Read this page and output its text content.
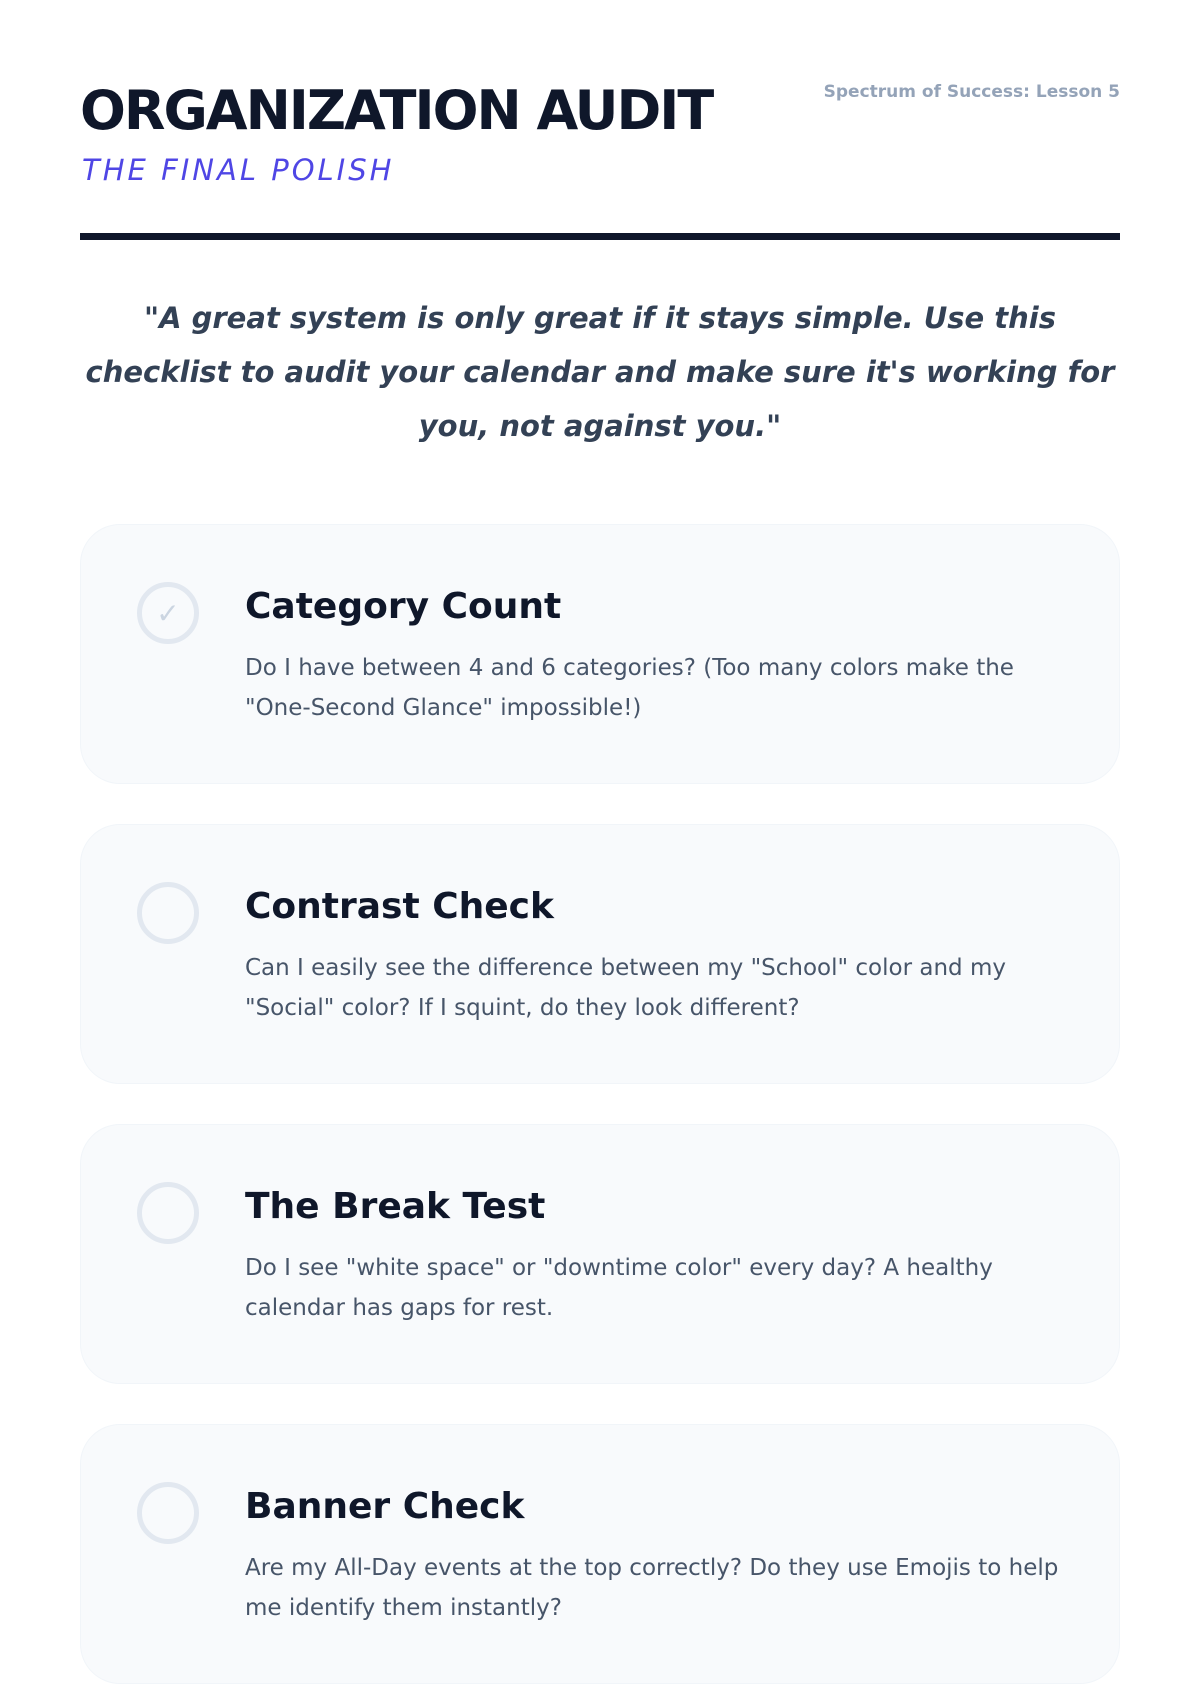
ORGANIZATION AUDIT
THE FINAL POLISH
Spectrum of Success: Lesson 5

"A great system is only great if it stays simple. Use this checklist to audit your calendar and make sure it's working for you, not against you."

✓ Category Count

Do I have between 4 and 6 categories? (Too many colors make the "One-Second Glance" impossible!)

Contrast Check

Can I easily see the difference between my "School" color and my "Social" color? If I squint, do they look different?

The Break Test

Do I see "white space" or "downtime color" every day? A healthy calendar has gaps for rest.

Banner Check

Are my All-Day events at the top correctly? Do they use Emojis to help me identify them instantly?
